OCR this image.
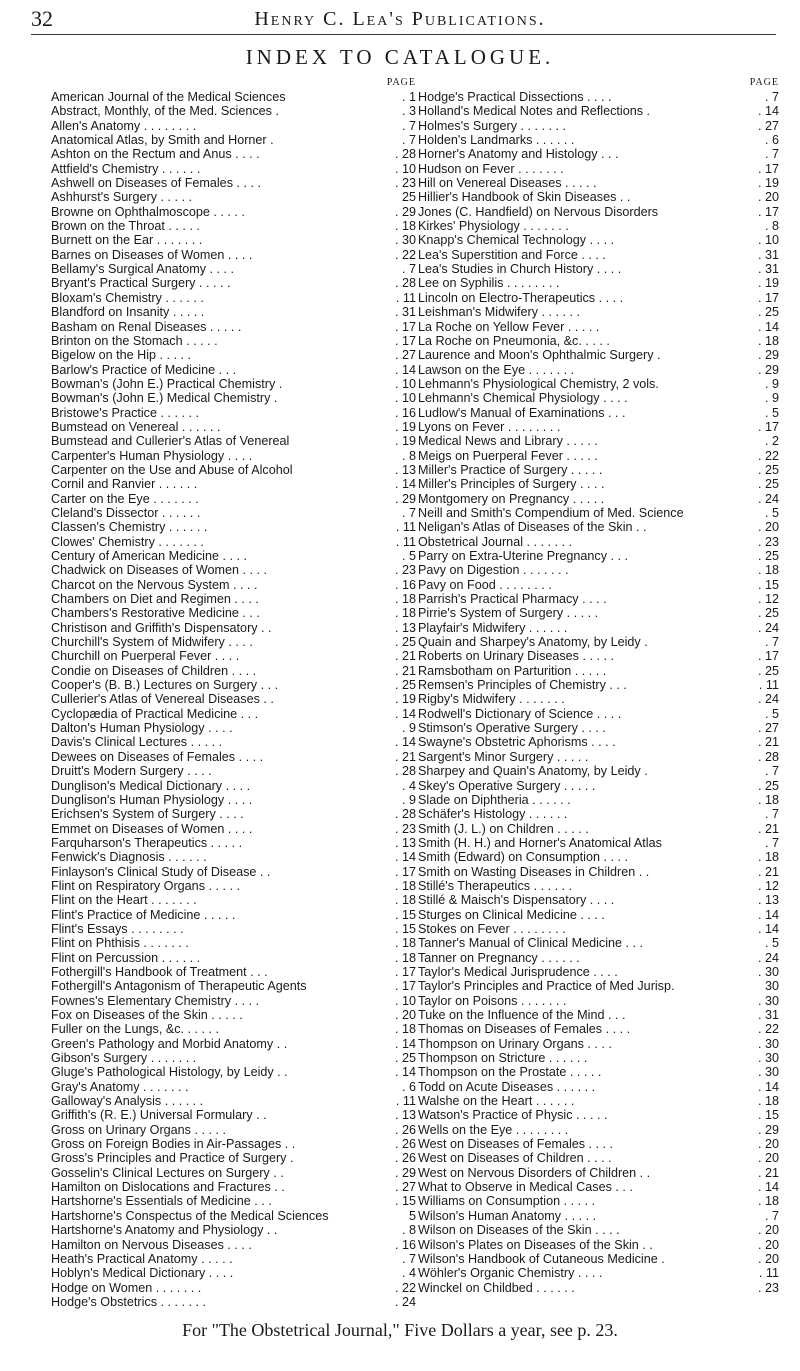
32	Henry C. Lea's Publications.
INDEX TO CATALOGUE.
PAGE
American Journal of the Medical Sciences	. 1
Abstract, Monthly, of the Med. Sciences .	. 3
Allen's Anatomy . . . . . . . .	. 7
Anatomical Atlas, by Smith and Horner .	. 7
Ashton on the Rectum and Anus . . . .	. 28
Attfield's Chemistry . . . . . .	. 10
Ashwell on Diseases of Females . . . .	. 23
Ashhurst's Surgery . . . . .	25
Browne on Ophthalmoscope . . . . .	. 29
Brown on the Throat . . . . .	. 18
Burnett on the Ear . . . . . . .	. 30
Barnes on Diseases of Women . . . .	. 22
Bellamy's Surgical Anatomy . . . .	. 7
Bryant's Practical Surgery . . . . .	. 28
Bloxam's Chemistry . . . . . .	. 11
Blandford on Insanity . . . . .	. 31
Basham on Renal Diseases . . . . .	. 17
Brinton on the Stomach . . . . .	. 17
Bigelow on the Hip . . . . .	. 27
Barlow's Practice of Medicine . . .	. 14
Bowman's (John E.) Practical Chemistry .	. 10
Bowman's (John E.) Medical Chemistry .	. 10
Bristowe's Practice . . . . . .	. 16
Bumstead on Venereal . . . . . .	. 19
Bumstead and Cullerier's Atlas of Venereal	. 19
Carpenter's Human Physiology . . . .	. 8
Carpenter on the Use and Abuse of Alcohol	. 13
Cornil and Ranvier . . . . . .	. 14
Carter on the Eye . . . . . . .	. 29
Cleland's Dissector . . . . . .	. 7
Classen's Chemistry . . . . . .	. 11
Clowes' Chemistry . . . . . . .	. 11
Century of American Medicine . . . .	. 5
Chadwick on Diseases of Women . . . .	. 23
Charcot on the Nervous System . . . .	. 16
Chambers on Diet and Regimen . . . .	. 18
Chambers's Restorative Medicine . . .	. 18
Christison and Griffith's Dispensatory . .	. 13
Churchill's System of Midwifery . . . .	. 25
Churchill on Puerperal Fever . . . .	. 21
Condie on Diseases of Children . . . .	. 21
Cooper's (B. B.) Lectures on Surgery . . .	. 25
Cullerier's Atlas of Venereal Diseases . .	. 19
Cyclopædia of Practical Medicine . . .	. 14
Dalton's Human Physiology . . . .	. 9
Davis's Clinical Lectures . . . . .	. 14
Dewees on Diseases of Females . . . .	. 21
Druitt's Modern Surgery . . . .	. 28
Dunglison's Medical Dictionary . . . .	. 4
Dunglison's Human Physiology . . . .	. 9
Erichsen's System of Surgery . . . .	. 28
Emmet on Diseases of Women . . . .	. 23
Farquharson's Therapeutics . . . . .	. 13
Fenwick's Diagnosis . . . . . .	. 14
Finlayson's Clinical Study of Disease . .	. 17
Flint on Respiratory Organs . . . . .	. 18
Flint on the Heart . . . . . . .	. 18
Flint's Practice of Medicine . . . . .	. 15
Flint's Essays . . . . . . . .	. 15
Flint on Phthisis . . . . . . .	. 18
Flint on Percussion . . . . . .	. 18
Fothergill's Handbook of Treatment . . .	. 17
Fothergill's Antagonism of Therapeutic Agents	. 17
Fownes's Elementary Chemistry . . . .	. 10
Fox on Diseases of the Skin . . . . .	. 20
Fuller on the Lungs, &c. . . . . .	. 18
Green's Pathology and Morbid Anatomy . .	. 14
Gibson's Surgery . . . . . . .	. 25
Gluge's Pathological Histology, by Leidy . .	. 14
Gray's Anatomy . . . . . . .	. 6
Galloway's Analysis . . . . . .	. 11
Griffith's (R. E.) Universal Formulary . .	. 13
Gross on Urinary Organs . . . . .	. 26
Gross on Foreign Bodies in Air-Passages . .	. 26
Gross's Principles and Practice of Surgery .	. 26
Gosselin's Clinical Lectures on Surgery . .	. 29
Hamilton on Dislocations and Fractures . .	. 27
Hartshorne's Essentials of Medicine . . .	. 15
Hartshorne's Conspectus of the Medical Sciences	5
Hartshorne's Anatomy and Physiology . .	. 8
Hamilton on Nervous Diseases . . . .	. 16
Heath's Practical Anatomy . . . . .	. 7
Hoblyn's Medical Dictionary . . . .	. 4
Hodge on Women . . . . . . .	. 22
Hodge's Obstetrics . . . . . . .	. 24
PAGE
Hodge's Practical Dissections . . . .	. 7
Holland's Medical Notes and Reflections .	. 14
Holmes's Surgery . . . . . . .	. 27
Holden's Landmarks . . . . . .	. 6
Horner's Anatomy and Histology . . .	. 7
Hudson on Fever . . . . . . .	. 17
Hill on Venereal Diseases . . . . .	. 19
Hillier's Handbook of Skin Diseases . .	. 20
Jones (C. Handfield) on Nervous Disorders	. 17
Kirkes' Physiology . . . . . . .	. 8
Knapp's Chemical Technology . . . .	. 10
Lea's Superstition and Force . . . .	. 31
Lea's Studies in Church History . . . .	. 31
Lee on Syphilis . . . . . . . .	. 19
Lincoln on Electro-Therapeutics . . . .	. 17
Leishman's Midwifery . . . . . .	. 25
La Roche on Yellow Fever . . . . .	. 14
La Roche on Pneumonia, &c. . . . .	. 18
Laurence and Moon's Ophthalmic Surgery .	. 29
Lawson on the Eye . . . . . . .	. 29
Lehmann's Physiological Chemistry, 2 vols.	. 9
Lehmann's Chemical Physiology . . . .	. 9
Ludlow's Manual of Examinations . . .	. 5
Lyons on Fever . . . . . . . .	. 17
Medical News and Library . . . . .	. 2
Meigs on Puerperal Fever . . . . .	. 22
Miller's Practice of Surgery . . . . .	. 25
Miller's Principles of Surgery . . . .	. 25
Montgomery on Pregnancy . . . . .	. 24
Neill and Smith's Compendium of Med. Science	. 5
Neligan's Atlas of Diseases of the Skin . .	. 20
Obstetrical Journal . . . . . . .	. 23
Parry on Extra-Uterine Pregnancy . . .	. 25
Pavy on Digestion . . . . . . .	. 18
Pavy on Food . . . . . . . .	. 15
Parrish's Practical Pharmacy . . . .	. 12
Pirrie's System of Surgery . . . . .	. 25
Playfair's Midwifery . . . . . .	. 24
Quain and Sharpey's Anatomy, by Leidy .	. 7
Roberts on Urinary Diseases . . . . .	. 17
Ramsbotham on Parturition . . . . .	. 25
Remsen's Principles of Chemistry . . .	. 11
Rigby's Midwifery . . . . . . .	. 24
Rodwell's Dictionary of Science . . . .	. 5
Stimson's Operative Surgery . . . .	. 27
Swayne's Obstetric Aphorisms . . . .	. 21
Sargent's Minor Surgery . . . . .	. 28
Sharpey and Quain's Anatomy, by Leidy .	. 7
Skey's Operative Surgery . . . . .	. 25
Slade on Diphtheria . . . . . .	. 18
Schäfer's Histology . . . . . .	. 7
Smith (J. L.) on Children . . . . .	. 21
Smith (H. H.) and Horner's Anatomical Atlas	. 7
Smith (Edward) on Consumption . . . .	. 18
Smith on Wasting Diseases in Children . .	. 21
Stillé's Therapeutics . . . . . .	. 12
Stillé & Maisch's Dispensatory . . . .	. 13
Sturges on Clinical Medicine . . . .	. 14
Stokes on Fever . . . . . . . .	. 14
Tanner's Manual of Clinical Medicine . . .	. 5
Tanner on Pregnancy . . . . . .	. 24
Taylor's Medical Jurisprudence . . . .	. 30
Taylor's Principles and Practice of Med Jurisp.	30
Taylor on Poisons . . . . . . .	. 30
Tuke on the Influence of the Mind . . .	. 31
Thomas on Diseases of Females . . . .	. 22
Thompson on Urinary Organs . . . .	. 30
Thompson on Stricture . . . . . .	. 30
Thompson on the Prostate . . . . .	. 30
Todd on Acute Diseases . . . . . .	. 14
Walshe on the Heart . . . . . .	. 18
Watson's Practice of Physic . . . . .	. 15
Wells on the Eye . . . . . . . .	. 29
West on Diseases of Females . . . .	. 20
West on Diseases of Children . . . .	. 20
West on Nervous Disorders of Children . .	. 21
What to Observe in Medical Cases . . .	. 14
Williams on Consumption . . . . .	. 18
Wilson's Human Anatomy . . . . .	. 7
Wilson on Diseases of the Skin . . . .	. 20
Wilson's Plates on Diseases of the Skin . .	. 20
Wilson's Handbook of Cutaneous Medicine .	. 20
Wöhler's Organic Chemistry . . . .	. 11
Winckel on Childbed . . . . . .	. 23
For "The Obstetrical Journal," Five Dollars a year, see p. 23.
